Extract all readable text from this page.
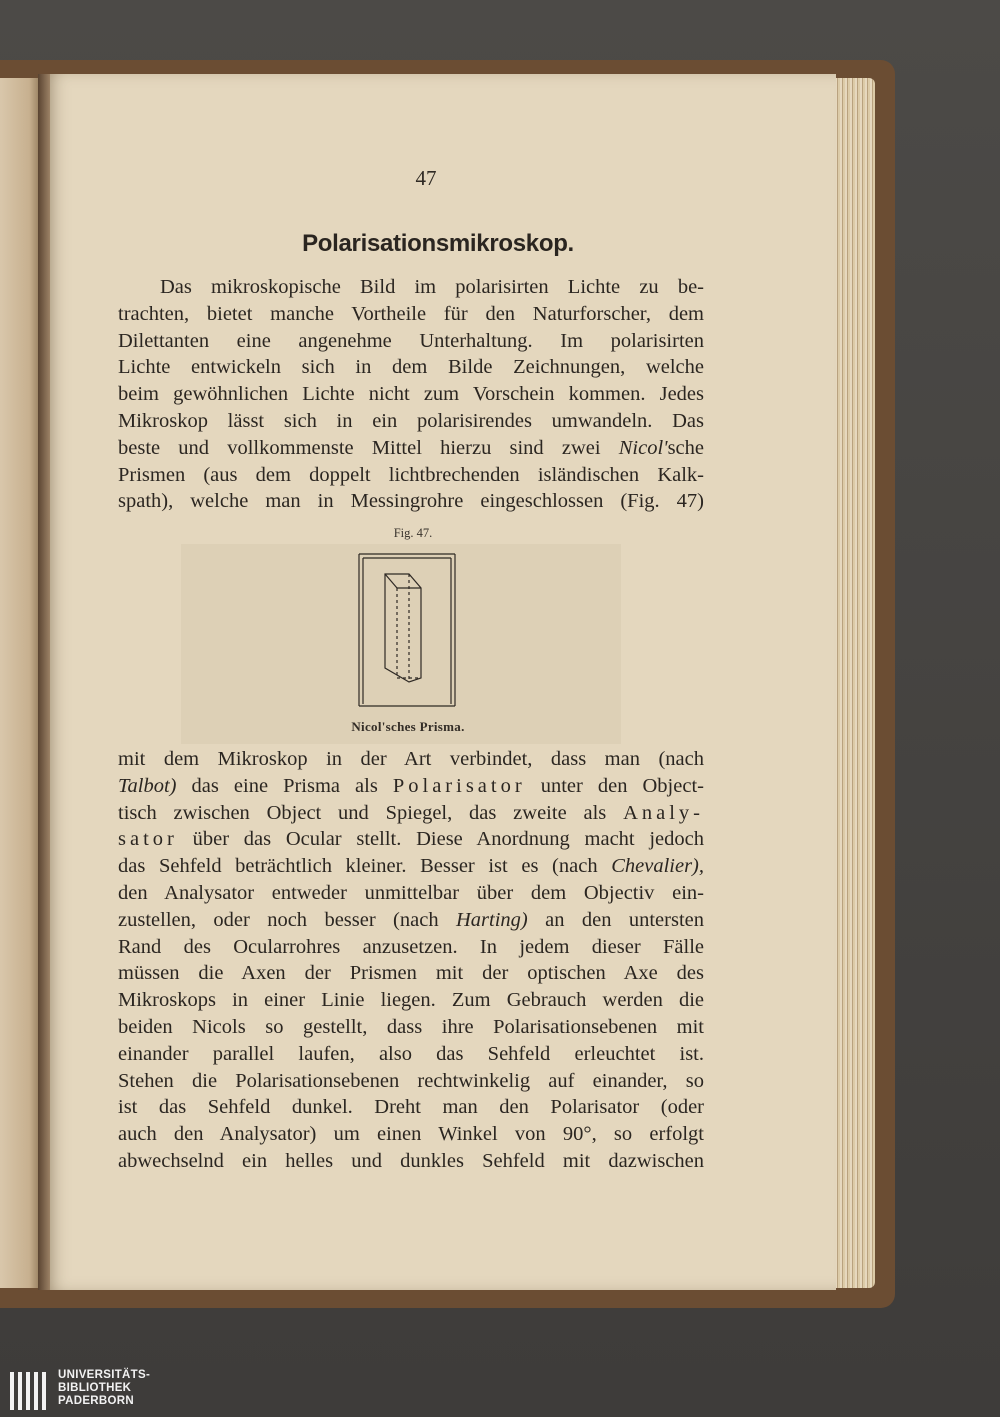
47
Polarisationsmikroskop.
Das mikroskopische Bild im polarisirten Lichte zu be-
trachten, bietet manche Vortheile für den Naturforscher, dem
Dilettanten eine angenehme Unterhaltung. Im polarisirten
Lichte entwickeln sich in dem Bilde Zeichnungen, welche
beim gewöhnlichen Lichte nicht zum Vorschein kommen. Jedes
Mikroskop lässt sich in ein polarisirendes umwandeln. Das
beste und vollkommenste Mittel hierzu sind zwei Nicol'sche
Prismen (aus dem doppelt lichtbrechenden isländischen Kalk-
spath), welche man in Messingrohre eingeschlossen (Fig. 47)
Fig. 47.
Nicol'sches Prisma.
mit dem Mikroskop in der Art verbindet, dass man (nach
Talbot) das eine Prisma als Polarisator unter den Object-
tisch zwischen Object und Spiegel, das zweite als Analy-
sator über das Ocular stellt. Diese Anordnung macht jedoch
das Sehfeld beträchtlich kleiner. Besser ist es (nach Chevalier),
den Analysator entweder unmittelbar über dem Objectiv ein-
zustellen, oder noch besser (nach Harting) an den untersten
Rand des Ocularrohres anzusetzen. In jedem dieser Fälle
müssen die Axen der Prismen mit der optischen Axe des
Mikroskops in einer Linie liegen. Zum Gebrauch werden die
beiden Nicols so gestellt, dass ihre Polarisationsebenen mit
einander parallel laufen, also das Sehfeld erleuchtet ist.
Stehen die Polarisationsebenen rechtwinkelig auf einander, so
ist das Sehfeld dunkel. Dreht man den Polarisator (oder
auch den Analysator) um einen Winkel von 90°, so erfolgt
abwechselnd ein helles und dunkles Sehfeld mit dazwischen
UNIVERSITÄTS-
BIBLIOTHEK
PADERBORN
